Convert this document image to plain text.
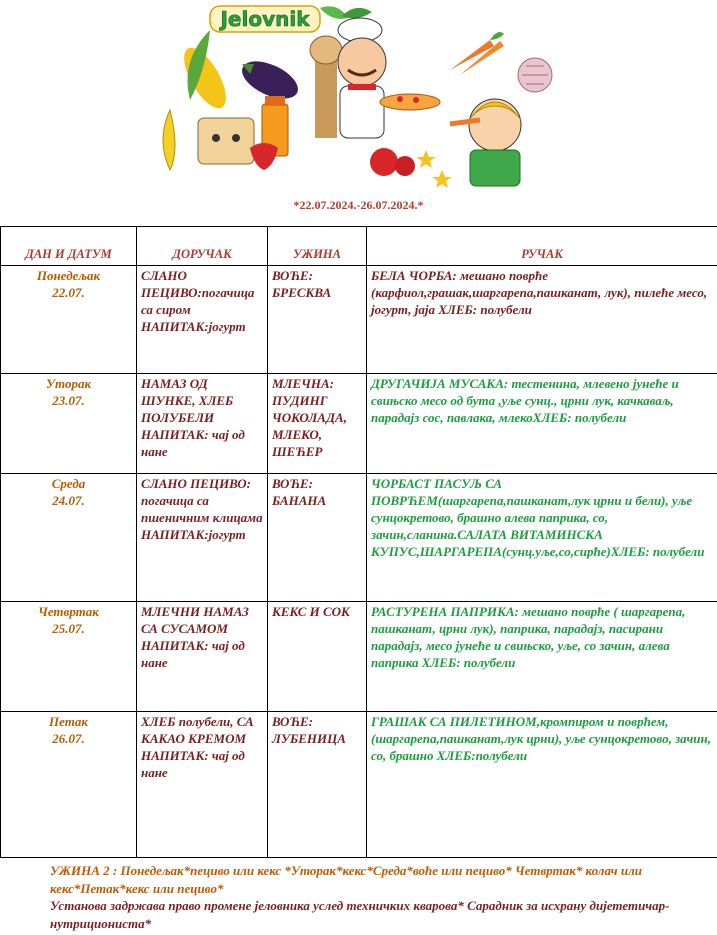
Jelovnik
*22.07.2024.-26.07.2024.*
ДАН И ДАТУМ	ДОРУЧАК	УЖИНА	РУЧАК

Понедељак
22.07.	СЛАНО ПЕЦИВО:погачица са сиром НАПИТАК:јогурт	ВОЋЕ: БРЕСКВА	БЕЛА ЧОРБА: мешано поврће (карфиол,грашак,шаргарепа,пашканат, лук), пилеће месо, јогурт, јаја ХЛЕБ: полубели

Уторак
23.07.	НАМАЗ ОД ШУНКЕ, ХЛЕБ ПОЛУБЕЛИ НАПИТАК: чај од нане	МЛЕЧНА: ПУДИНГ ЧОКОЛАДА, МЛЕКО, ШЕЋЕР	ДРУГАЧИЈА МУСАКА: тестенина, млевено јунеће и свињско месо од бута ,уље сунц., црни лук, качкаваљ, парадајз сос, павлака, млекоХЛЕБ: полубели

Среда
24.07.	СЛАНО ПЕЦИВО: погачица са пшеничним клицама НАПИТАК:јогурт	ВОЋЕ: БАНАНА	ЧОРБАСТ ПАСУЉ СА ПОВРЋЕМ(шаргарепа,пашканат,лук црни и бели), уље сунцокретово, брашно алева паприка, со, зачин,сланина.САЛАТА ВИТАМИНСКА КУПУС,ШАРГАРЕПА(сунц.уље,со,сирће)ХЛЕБ: полубели

Четвртак
25.07.	МЛЕЧНИ НАМАЗ СА СУСАМОМ НАПИТАК: чај од нане	КЕКС И СОК	РАСТУРЕНА ПАПРИКА: мешано поврће ( шаргарепа, пашканат, црни лук), паприка, парадајз, пасирани парадајз, месо јунеће и свињско, уље, со зачин, алева паприка ХЛЕБ: полубели

Петак
26.07.	ХЛЕБ полубели, СА КАКАО КРЕМОМ НАПИТАК: чај од нане	ВОЋЕ: ЛУБЕНИЦА	ГРАШАК СА ПИЛЕТИНОМ,кромпиром и поврћем,(шаргарепа,пашканат,лук црни), уље сунцокретово, зачин, со, брашно ХЛЕБ:полубели
УЖИНА 2 : Понедељак*пециво или кекс *Уторак*кекс*Среда*воће или пециво* Четвртак* колач или кекс*Петак*кекс или пецивo*
Установа задржава право промене јеловника услед техничких кварова* Сарадник за исхрану дијететичар-нутриционистa*
